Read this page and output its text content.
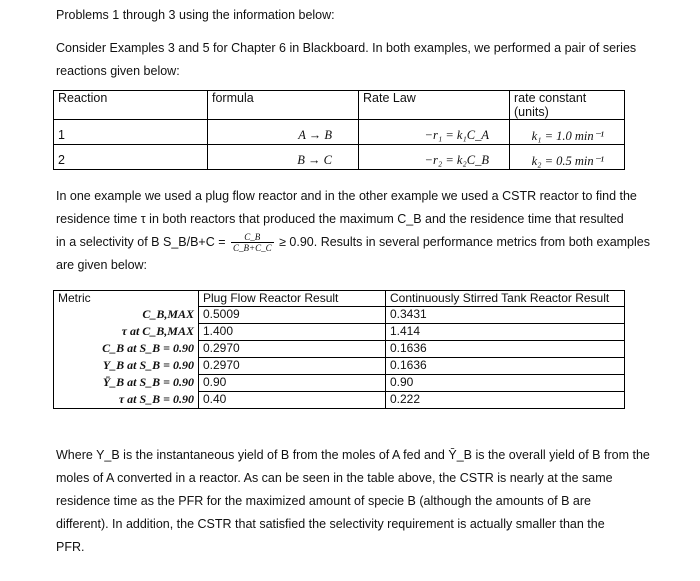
Problems 1 through 3 using the information below:
Consider Examples 3 and 5 for Chapter 6 in Blackboard. In both examples, we performed a pair of series reactions given below:
Reaction	formula	Rate Law	rate constant (units)
1	A → B	−r₁ = k₁C_A	k₁ = 1.0 min⁻¹
2	B → C	−r₂ = k₂C_B	k₂ = 0.5 min⁻¹
In one example we used a plug flow reactor and in the other example we used a CSTR reactor to find the
residence time τ in both reactors that produced the maximum C_B and the residence time that resulted
in a selectivity of B S_B/B+C = $\frac{C\_B}{C\_B+C\_C} \ge 0.90$. Results in several performance metrics from both examples
are given below:
Metric	Plug Flow Reactor Result	Continuously Stirred Tank Reactor Result
C_B,MAX	0.5009	0.3431
τ at C_B,MAX	1.400	1.414
C_B at S_B = 0.90	0.2970	0.1636
Y_B at S_B = 0.90	0.2970	0.1636
Ȳ_B at S_B = 0.90	0.90	0.90
τ at S_B = 0.90	0.40	0.222
Where Y_B is the instantaneous yield of B from the moles of A fed and Ȳ_B is the overall yield of B from the
moles of A converted in a reactor. As can be seen in the table above, the CSTR is nearly at the same
residence time as the PFR for the maximized amount of specie B (although the amounts of B are
different). In addition, the CSTR that satisfied the selectivity requirement is actually smaller than the
PFR.
